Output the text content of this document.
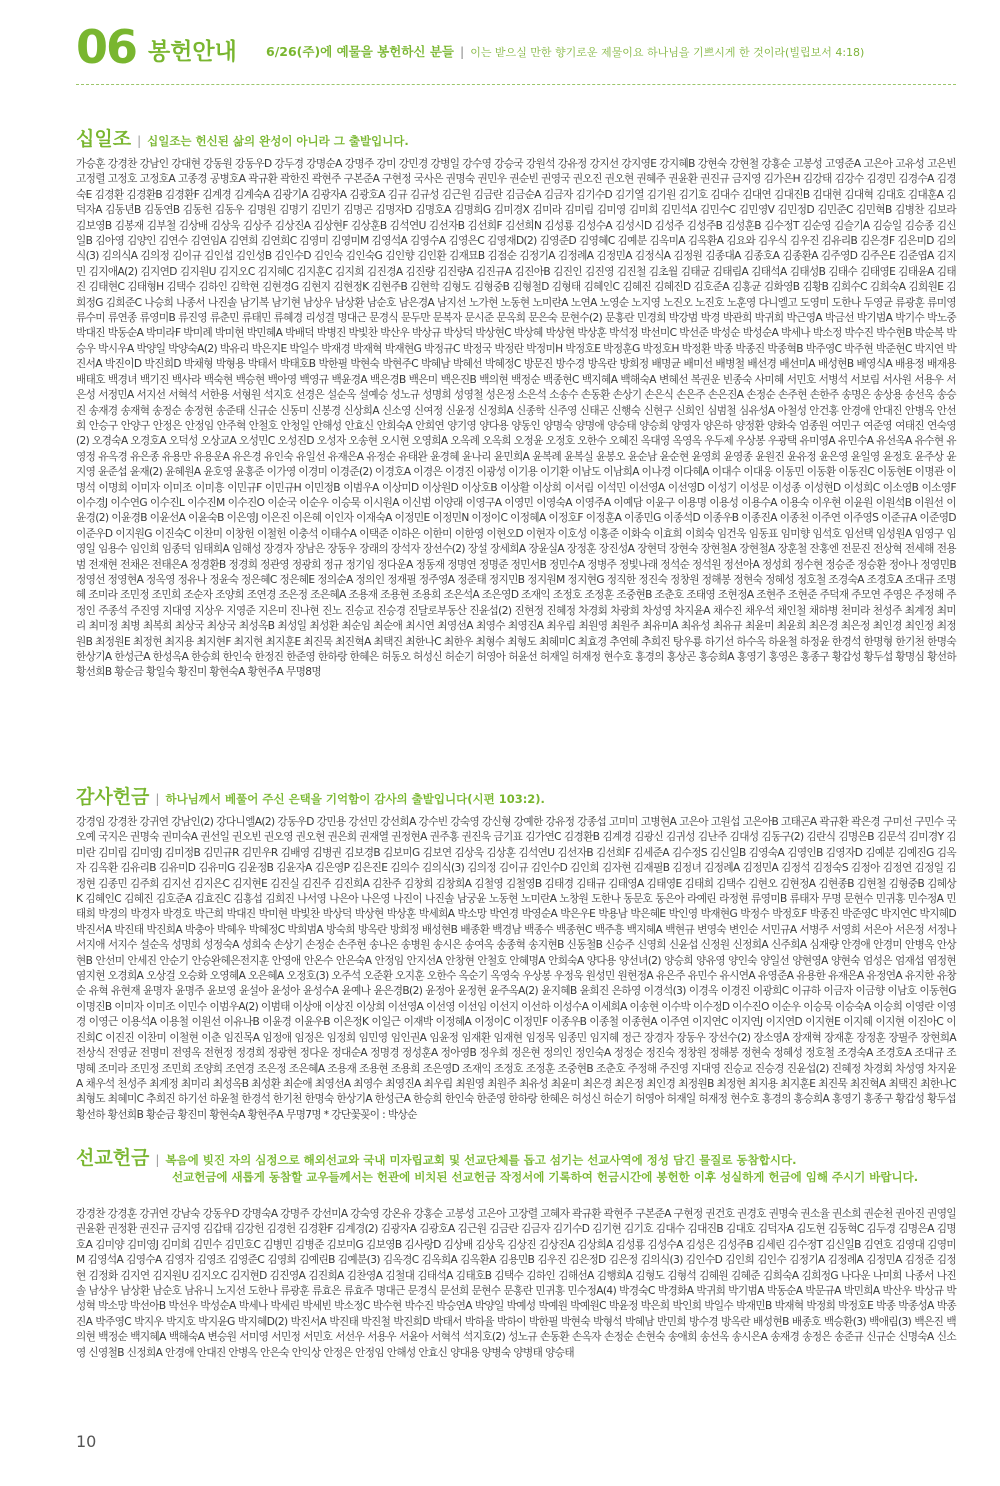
06 봉헌안내 6/26(주)에 예물을 봉헌하신 분들 | 이는 받으실 만한 향기로운 제물이요 하나님을 기쁘시게 한 것이라(빌립보서 4:18)
십일조 | 십일조는 헌신된 삶의 완성이 아니라 그 출발입니다.
가승훈 강경찬 강남인 강대현 강동원 강동우D 강두경 강명순A 강명주 강미 강민경 강병일 강수영 강승국 강원석 강유정 강지선 강지영E 강지혜B 강현숙 강현철 강홍순 고봉성 고영준A 고은아 고유성 고은빈 고정렬 고정호 고정호A 고종경 공병호A 곽규환 곽한진 곽현주 구본준A 구현정 국사은 권명숙 권민우 권순빈 권영국 권오진 권오현 권혜주 권윤환 권진규 금지영 김가은H 김강태 김강수 김경민 김경수A 김경숙E 김경환 김경환B 김경환F 김계경 김계숙A 김광기A 김광자A 김광호A 김규 김규성 김근원 김금란 김금순A 김금자 김기수D 김기열 김기원 김기호 김대수 김대연 김대진B 김대현 김대혁 김대호 김대훈A 김덕자A 김동년B 김동연B 김동헌 김동우 김명원 김명기 김민기 김명곤 김명자D 김명호A 김명희G 김미경X 김미라 김미림 김미영 김미희 김민석A 김민수C 김민영V 김민정D 김민준C 김민혁B 김병찬 김보라 김보영B 김봉재 김부철 김상배 김상욱 김상주 김상진A 김상현F 김상훈B 김석연U 김선자B 김선희F 김선희N 김성룡 김성수A 김성시D 김성주 김성주B 김성훈B 김수정T 김순영 김슬기A 김승일 김승종 김신일B 김아영 김양인 김연수 김연임A 김연희 김연희C 김영미 김영미M 김영석A 김영수A 김영은C 김영재D(2) 김영준D 김영혜C 김예분 김옥미A 김옥환A 김요와 김우식 김우진 김유리B 김은경F 김은미D 김의식(3) 김의식A 김의정 김이규 김인섭 김인성B 김인수D 김인숙 김인숙G 김인향 김인환 김재묘B 김점순 김정기A 김정례A 김정민A 김정식A 김정원 김종대A 김종호A 김종환A 김주영D 김주은E 김준엽A 김지민 김지애A(2) 김지연D 김지원U 김지오C 김지혜C 김지훈C 김지희 김진경A 김진량 김진량A 김진규A 김진아B 김진인 김진영 김진철 김초월 김태균 김태림A 김태석A 김태성B 김태수 김태영E 김태윤A 김태진 김태현C 김태형H 김택수 김하인 김학현 김현경G 김현지 김현정K 김현주B 김현학 김형도 김형중B 김형철D 김형태 김혜인C 김혜진 김혜진D 김호준A 김홍균 김화영B 김황B 김희수C 김희숙A 김희원E 김희정G 김희준C 나승희 나종서 나진솔 남기복 남기현 남상우 남상환 남순호 남은경A 남지선 노가현 노동현 노미란A 노연A 노영순 노지영 노진오 노진호 노훈영 다니엘고 도영미 도한나 두영균 류광훈 류미영 류수미 류연종 류영미B 류진영 류춘민 류태민 류혜경 리성결 명대근 문경식 문두만 문복자 문시준 문옥희 문은숙 문현수(2) 문홍란 민경희 박강범 박경 박관희 박귀희 박근영A 박금선 박기범A 박기수 박노중 박대진 박동순A 박미라F 박미례 박미현 박민혜A 박배덕 박병진 박빛찬 박산우 박상규 박상덕 박상현C 박상혜 박상현 박상훈 박석정 박선미C 박선준 박성순 박성순A 박세나 박소정 박수진 박수현B 박순복 박승우 박시우A 박양일 박양숙A(2) 박유리 박은지E 박일수 박재경 박재혁 박재현G 박정규C 박정국 박정란 박정미H 박정호E 박정훈G 박정호H 박정환 박종 박종진 박종혁B 박주영C 박주현 박준현C 박지연 박진서A 박진이D 박진희D 박채형 박형용 박태서 박태호B 박한필 박현숙 박현주C 박혜남 박혜선 박혜정C 방문진 방수경 방옥란 방희정 배명균 배미선 배병철 배선경 배선미A 배성현B 배영식A 배용정 배재용 배태호 백경녀 백기진 백사라 백숙현 백승현 백아영 백영규 백윤경A 백은경B 백은미 백은진B 백의현 백정순 백종현C 백지혜A 백해숙A 변혜선 복권운 빈종숙 사미혜 서민호 서병석 서보림 서사원 서용우 서은성 서정민A 서지선 서혁석 서한용 서형원 석지호 선경은 설순옥 설예승 성노규 성명희 성영철 성은정 소은석 소송수 손동환 손상기 손은식 손은주 손은진A 손정순 손주현 손한주 송명은 송상용 송선옥 송승진 송재경 송재혁 송정순 송정현 송준태 신규순 신동미 신봉경 신상희A 신소영 신여정 신윤정 신정희A 신종학 신주영 신태곤 신행숙 신현구 신희인 심범철 심유성A 아철성 안건홍 안경애 안대진 안병옥 안선희 안승구 안양구 안정은 안정임 안주혁 안철호 안청일 안해성 안효신 안희숙A 안희연 양기영 양다용 양동인 양명숙 양명애 양승태 양승희 양영자 양은하 양정환 양화숙 엄종원 여민구 여준영 여태진 연숙영(2) 오경숙A 오경호A 오덕성 오상교A 오성민C 오성진D 오성자 오송현 오시현 오영희A 오옥례 오옥희 오정윤 오정호 오한수 오혜진 옥대영 옥영옥 우두제 우상봉 우광택 유미영A 유민수A 유선옥A 유수현 유영정 유옥경 유은종 유용만 유용운A 유은경 유인숙 유일선 유재은A 유정순 유태완 윤경혜 윤나리 윤민희A 윤복례 윤복실 윤봉오 윤순남 윤순현 윤영희 윤영종 윤원진 윤유정 윤은영 윤일영 윤정호 윤주상 윤지영 윤준섭 윤재(2) 윤혜원A 윤호영 윤홍준 이가영 이경미 이경준(2) 이경호A 이경은 이경진 이광성 이기용 이기환 이남도 이남희A 이나경 이다혜A 이대수 이대웅 이동민 이동환 이동진C 이동현E 이명관 이명석 이명희 이미자 이미조 이미흥 이민규F 이민규H 이민정B 이범우A 이상미D 이상원D 이상호B 이상활 이상희 이서림 이석민 이선영A 이선영D 이성기 이성문 이성종 이성현D 이성희C 이소영B 이소영F 이수경J 이수연G 이수진L 이수진M 이수진O 이순국 이순우 이승묵 이시원A 이신범 이양래 이영구A 이영민 이영숙A 이영주A 이예담 이윤구 이용명 이용성 이용수A 이용숙 이우현 이윤원 이원석B 이원선 이윤경(2) 이윤경B 이윤선A 이윤숙B 이은영J 이은진 이은혜 이인자 이재숙A 이정민E 이정민N 이정이C 이정혜A 이정호F 이정훈A 이종민G 이종석D 이종우B 이종진A 이종천 이주연 이주영S 이준규A 이준영D 이준우D 이지원G 이진숙C 이찬미 이창헌 이철헌 이충석 이태수A 이택준 이하은 이한미 이한영 이현오D 이현자 이호성 이홍준 이화숙 이효희 이희숙 임건욱 임동표 임미향 임석호 임선택 임성원A 임영구 임영일 임용수 임인희 임종덕 임태희A 임해성 장경자 장남은 장동우 장래의 장석자 장선수(2) 장설 장세희A 장윤실A 장정훈 장진성A 장현덕 장현숙 장현철A 장현철A 장훈철 잔홍엔 전문진 전상혁 전세해 전용범 전재현 전채은 전태은A 정경환B 정경희 정관영 정광희 정규 정기임 정다운A 정동재 정명연 정명준 정민서B 정민수A 정병주 정빛나래 정석순 정석원 정선아A 정성희 정수현 정승준 정승환 정아나 정영민B 정영선 정영현A 정옥영 정유나 정윤숙 정은혜C 정은혜E 정의순A 정의인 정재필 정주영A 정준태 정지민B 정지원M 정지현G 정직한 정진숙 정창원 정해봉 정현숙 정혜성 정호철 조경숙A 조경호A 조대규 조명혜 조미라 조민정 조민희 조순자 조양희 조연경 조은정 조은혜A 조용재 조용현 조용희 조은석A 조은영D 조재익 조정호 조정훈 조중현B 조춘호 조태영 조현정A 조현주 조현준 주덕재 주모연 주영은 주정해 주정인 주종석 주진영 지대영 지상우 지영준 지은미 진나현 진노 진승교 진승경 진달로부동산 진윤섭(2) 진현정 진혜정 차경회 차광희 차성영 차지윤A 채수진 채우석 채인철 채하병 천미라 천성주 최계정 최미리 최미정 최병 최복희 최상국 최상국 최성옥B 최성일 최성환 최순임 최순애 최시연 최영선A 최영수 최영진A 최우림 최원영 최원주 최유미A 최유성 최유규 최윤미 최윤희 최은경 최은정 최인경 최인정 최정원B 최정원E 최정현 최지용 최지현F 최지현 최지훈E 최진묵 최진혁A 최택진 최한나C 최한우 최형수 최형도 최혜미C 최효경 추연혜 추희진 탕우룡 하기선 하수옥 하윤철 하정윤 한경석 한명형 한기천 한명숙 한상기A 한성근A 한성옥A 한승희 한인숙 한정진 한준영 한하랑 한혜은 허동오 허성신 허순기 허영아 허윤선 허재일 허재정 현수호 홍경의 홍상곤 홍승희A 홍영기 홍영은 홍종구 황갑성 황두섭 황명심 황선하 황선희B 황순금 황일숙 황진미 황현숙A 황현주A 무명8명
감사헌금 | 하나님께서 베풀어 주신 은택을 기억함이 감사의 출발입니다(시편 103:2).
강경임 강경찬 강귀연 강남인(2) 강다니엘A(2) 강동우D 강민용 강선민 강선희A 강수빈 강숙영 강신형 강예한 강유정 강종섭 고미미 고병현A 고은아 고원섭 고은아B 고태곤A 곽규환 곽은경 구미선 구민수 국오예 국지은 권명숙 권미숙A 권선일 권오빈 권오영 권오현 권은희 권재열 권정현A 권주홍 권진욱 금기표 김가연C 김경환B 김계경 김광신 김귀성 김난주 김대성 김동구(2) 김란식 김명은B 김문석 김미경Y 김미란 김미림 김미영J 김미정B 김민규R 김민우R 김배영 김병권 김보경B 김보미G 김보연 김상욱 김상훈 김석연U 김선자B 김선희F 김세준A 김수정S 김신일B 김영숙A 김영인B 김영자D 김예분 김예진G 김옥자 김옥환 김유리B 김유미D 김유미G 김윤정B 김윤자A 김은영P 김은진E 김의수 김의식(3) 김의정 김이규 김인수D 김인희 김자현 김재필B 김정녀 김정례A 김정민A 김정석 김정숙S 김정아 김정연 김정일 김정현 김종민 김주희 김지선 김지은C 김지현E 김진실 김진주 김진희A 김찬주 김창희 김창희A 김철영 김철영B 김태경 김태규 김태영A 김태영E 김태희 김택수 김현오 김현정A 김현종B 김현철 김형중B 김혜상K 김혜인C 김혜진 김호준A 김효진C 김홍섭 김희진 나서영 나은아 나은영 나진이 나진솔 남궁윤 노동현 노미란A 노창원 도한나 동문호 동은아 라예린 라정현 류영미B 류태자 무명 문현수 민귀홍 민수정A 민태희 박경의 박경자 박경호 박근희 박대진 박미현 박빛찬 박상덕 박상현 박상훈 박세희A 박소망 박연경 박영순A 박은우E 박용남 박은혜E 박인영 박재현G 박정수 박정호F 박종진 박준영C 박지연C 박지혜D 박진서A 박진태 박진희A 박충아 박혜우 박혜정C 박희범A 방숙희 방옥란 방희정 배성현B 배종환 백경남 백종수 백종현C 백주흥 백지혜A 백현규 변영숙 변인순 서민규A 서병주 서영희 서은아 서은정 서정나 서지애 서지수 설순옥 성명희 성정숙A 성희숙 손상기 손정순 손주현 송나은 송병원 송시은 송여옥 송종혁 송지현B 신동철B 신승주 신영희 신윤섭 신정원 신정희A 신주희A 심재량 안경애 안경미 안병옥 안상현B 안선미 안세진 안순기 안승완헤은전지훈 안영애 안온수 안은숙A 안정임 안지선A 안창현 안철호 안혜명A 안희숙A 양다용 양선녀(2) 양승희 양유영 양인숙 양일선 양현영A 양현숙 엄성은 엄재섭 염정현 염지현 오경희A 오상걸 오승화 오영혜A 오은혜A 오정호(3) 오주석 오준환 오지훈 오한수 옥순기 옥영숙 우상봉 우정욱 원성민 원현정A 유은주 유민수 유시연A 유영준A 유용한 유재은A 유정연A 유지한 유창순 유혁 유현재 윤명자 윤명주 윤보영 윤설아 윤성아 윤성수A 윤예나 윤은경B(2) 윤정아 윤정현 윤주옥A(2) 윤지혜B 윤희진 은하영 이경석(3) 이경옥 이경진 이광희C 이규하 이금자 이금향 이남호 이동현G 이명진B 이미자 이미조 이민수 이범우A(2) 이범태 이상애 이상진 이상희 이선영A 이선영 이선임 이선지 이선하 이성수A 이세희A 이송현 이수박 이수정D 이수진O 이순우 이승묵 이승숙A 이승희 이영란 이영경 이영근 이용석A 이용철 이원선 이유나B 이윤경 이윤우B 이은정K 이일근 이재박 이정혜A 이정이C 이정민F 이종우B 이종철 이종현A 이주연 이지연C 이지연J 이지연D 이지현E 이지혜 이지현 이진아C 이진희C 이진진 이찬미 이철현 이춘 임진목A 임정애 임정은 임정희 임민영 임인권A 임윤정 임재환 임재현 임정목 임종민 임지혜 정근 장경자 장동우 장선수(2) 장소영A 장재혁 장재훈 장정훈 장필주 장현희A 전상식 전영균 전명미 전영옥 전현정 정경희 정광현 정다운 정대순A 정명경 정성훈A 정아영B 정우희 정은현 정의인 정인숙A 정정순 정진숙 정창원 정해봉 정현숙 정혜성 정호철 조경숙A 조경호A 조대규 조명혜 조미라 조민정 조민희 조양희 조연경 조은정 조은혜A 조용재 조용현 조용희 조은영D 조재익 조정호 조정훈 조중현B 조춘호 주정해 주진영 지대영 진승교 진승경 진윤섭(2) 진혜정 차경회 차성영 차지윤A 채우석 천성주 최계정 최미리 최성옥B 최성환 최순애 최영선A 최영수 최영진A 최우림 최원영 최원주 최유성 최윤미 최은경 최은정 최인경 최정원B 최정현 최지용 최지훈E 최진묵 최진혁A 최택진 최한나C 최형도 최혜미C 추희진 하기선 하윤철 한경석 한기천 한명숙 한상기A 한성근A 한승희 한인숙 한준영 한하랑 한혜은 허성신 허순기 허영아 허재일 허재정 현수호 홍경의 홍승희A 홍영기 홍종구 황갑성 황두섭 황선하 황선희B 황순금 황진미 황현숙A 황현주A 무명7명 * 강단꽃꽂이 : 박상순
선교헌금 | 복음에 빚진 자의 심정으로 해외선교와 국내 미자립교회 및 선교단체를 돕고 섬기는 선교사역에 정성 담긴 물질로 동참합시다.
선교헌금에 새롭게 동참할 교우들께서는 헌관에 비치된 선교헌금 작정서에 기록하여 헌금시간에 봉헌한 이후 성실하게 헌금에 임해 주시기 바랍니다.
강경찬 강경훈 강귀연 강남숙 강동우D 강명숙A 강명주 강선미A 강숙영 강온유 강홍순 고봉성 고은아 고장렬 고혜자 곽규환 곽현주 구본준A 구현정 권건호 권경호 권명숙 권소율 권소희 권순천 권아진 권영일 권윤환 권정환 권진규 금지영 김갑태 김강헌 김경헌 김경환F 김계경(2) 김광자A 김광호A 김근원 김금란 김금자 김기수D 김기현 김기호 김대수 김대진B 김대호 김덕자A 김도현 김동혁C 김두경 김명은A 김명호A 김미양 김미영J 김미희 김민수 김민호C 김병민 김병준 김보미G 김보영B 김사랑D 김상배 김상욱 김상진 김상진A 김상희A 김성룡 김성수A 김성은 김성주B 김세린 김수정T 김신일B 김연호 김영대 김영미M 김영석A 김영수A 김영자 김영조 김영준C 김영희 김예린B 김예분(3) 김옥경C 김옥희A 김옥환A 김용민B 김우진 김은정D 김은정 김의식(3) 김인수D 김인희 김인수 김정기A 김정례A 김정민A 김정준 김정현 김정화 김지연 김지원U 김지오C 김지현D 김진영A 김진희A 김찬영A 김철대 김태석A 김태호B 김택수 김하인 김해선A 김행희A 김형도 김형석 김혜원 김혜준 김희숙A 김희정G 나다운 나미희 나종서 나진솔 남상우 남상환 남순호 남유니 노지선 도한나 류광훈 류효은 류효주 명대근 문경식 문선희 문현수 문홍란 민귀홍 민수정A(4) 박경숙C 박경화A 박귀희 박기범A 박동순A 박문규A 박민희A 박산우 박상규 박성혁 박소망 박선아B 박선우 박성순A 박세나 박세린 박세빈 박소정C 박수현 박수진 박승연A 박양일 박예성 박예원 박예원C 박윤정 박은희 박인희 박일수 박재민B 박재혁 박정희 박정호E 박종 박종성A 박종진A 박주영C 박지우 박지호 박지윤G 박지혜D(2) 박진서A 박진태 박진철 박진희D 박태서 박하율 박하이 박한필 박현숙 박형석 박혜남 반민희 방수경 방옥란 배성현B 배종호 백승환(3) 백애림(3) 백은진 백의현 백정순 백지혜A 백해숙A 변승원 서미영 서민정 서민호 서선우 서용우 서윤아 서혁석 석지호(2) 성노규 손동환 손옥자 손정순 손현숙 송애희 송선옥 송시은A 송재경 송정은 송준규 신규순 신명숙A 신소영 신영철B 신정희A 안경애 안대진 안병옥 안은숙 안익상 안정은 안정임 안해성 안효신 양대용 양병숙 양병태 양승태
10
